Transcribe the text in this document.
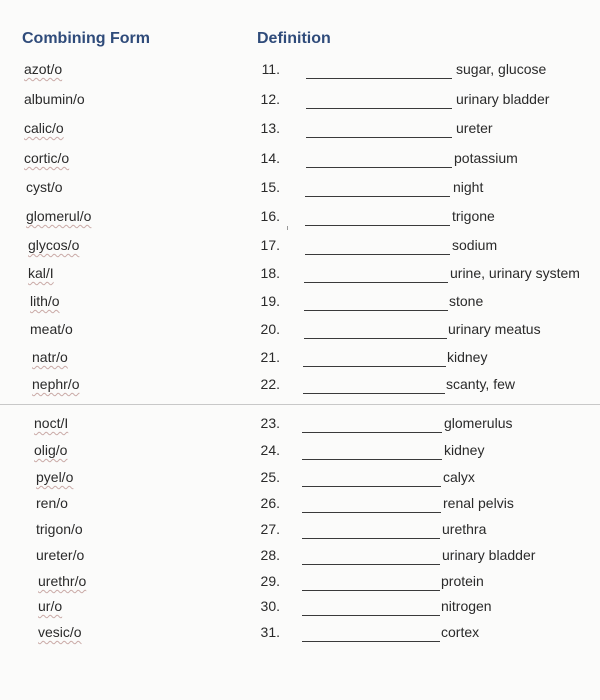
Combining Form	Definition
azot/o	11.	sugar, glucose
albumin/o	12.	urinary bladder
calic/o	13.	ureter
cortic/o	14.	potassium
cyst/o	15.	night
glomerul/o	16.	trigone
glycos/o	17.	sodium
kal/I	18.	urine, urinary system
lith/o	19.	stone
meat/o	20.	urinary meatus
natr/o	21.	kidney
nephr/o	22.	scanty, few
noct/I	23.	glomerulus
olig/o	24.	kidney
pyel/o	25.	calyx
ren/o	26.	renal pelvis
trigon/o	27.	urethra
ureter/o	28.	urinary bladder
urethr/o	29.	protein
ur/o	30.	nitrogen
vesic/o	31.	cortex
